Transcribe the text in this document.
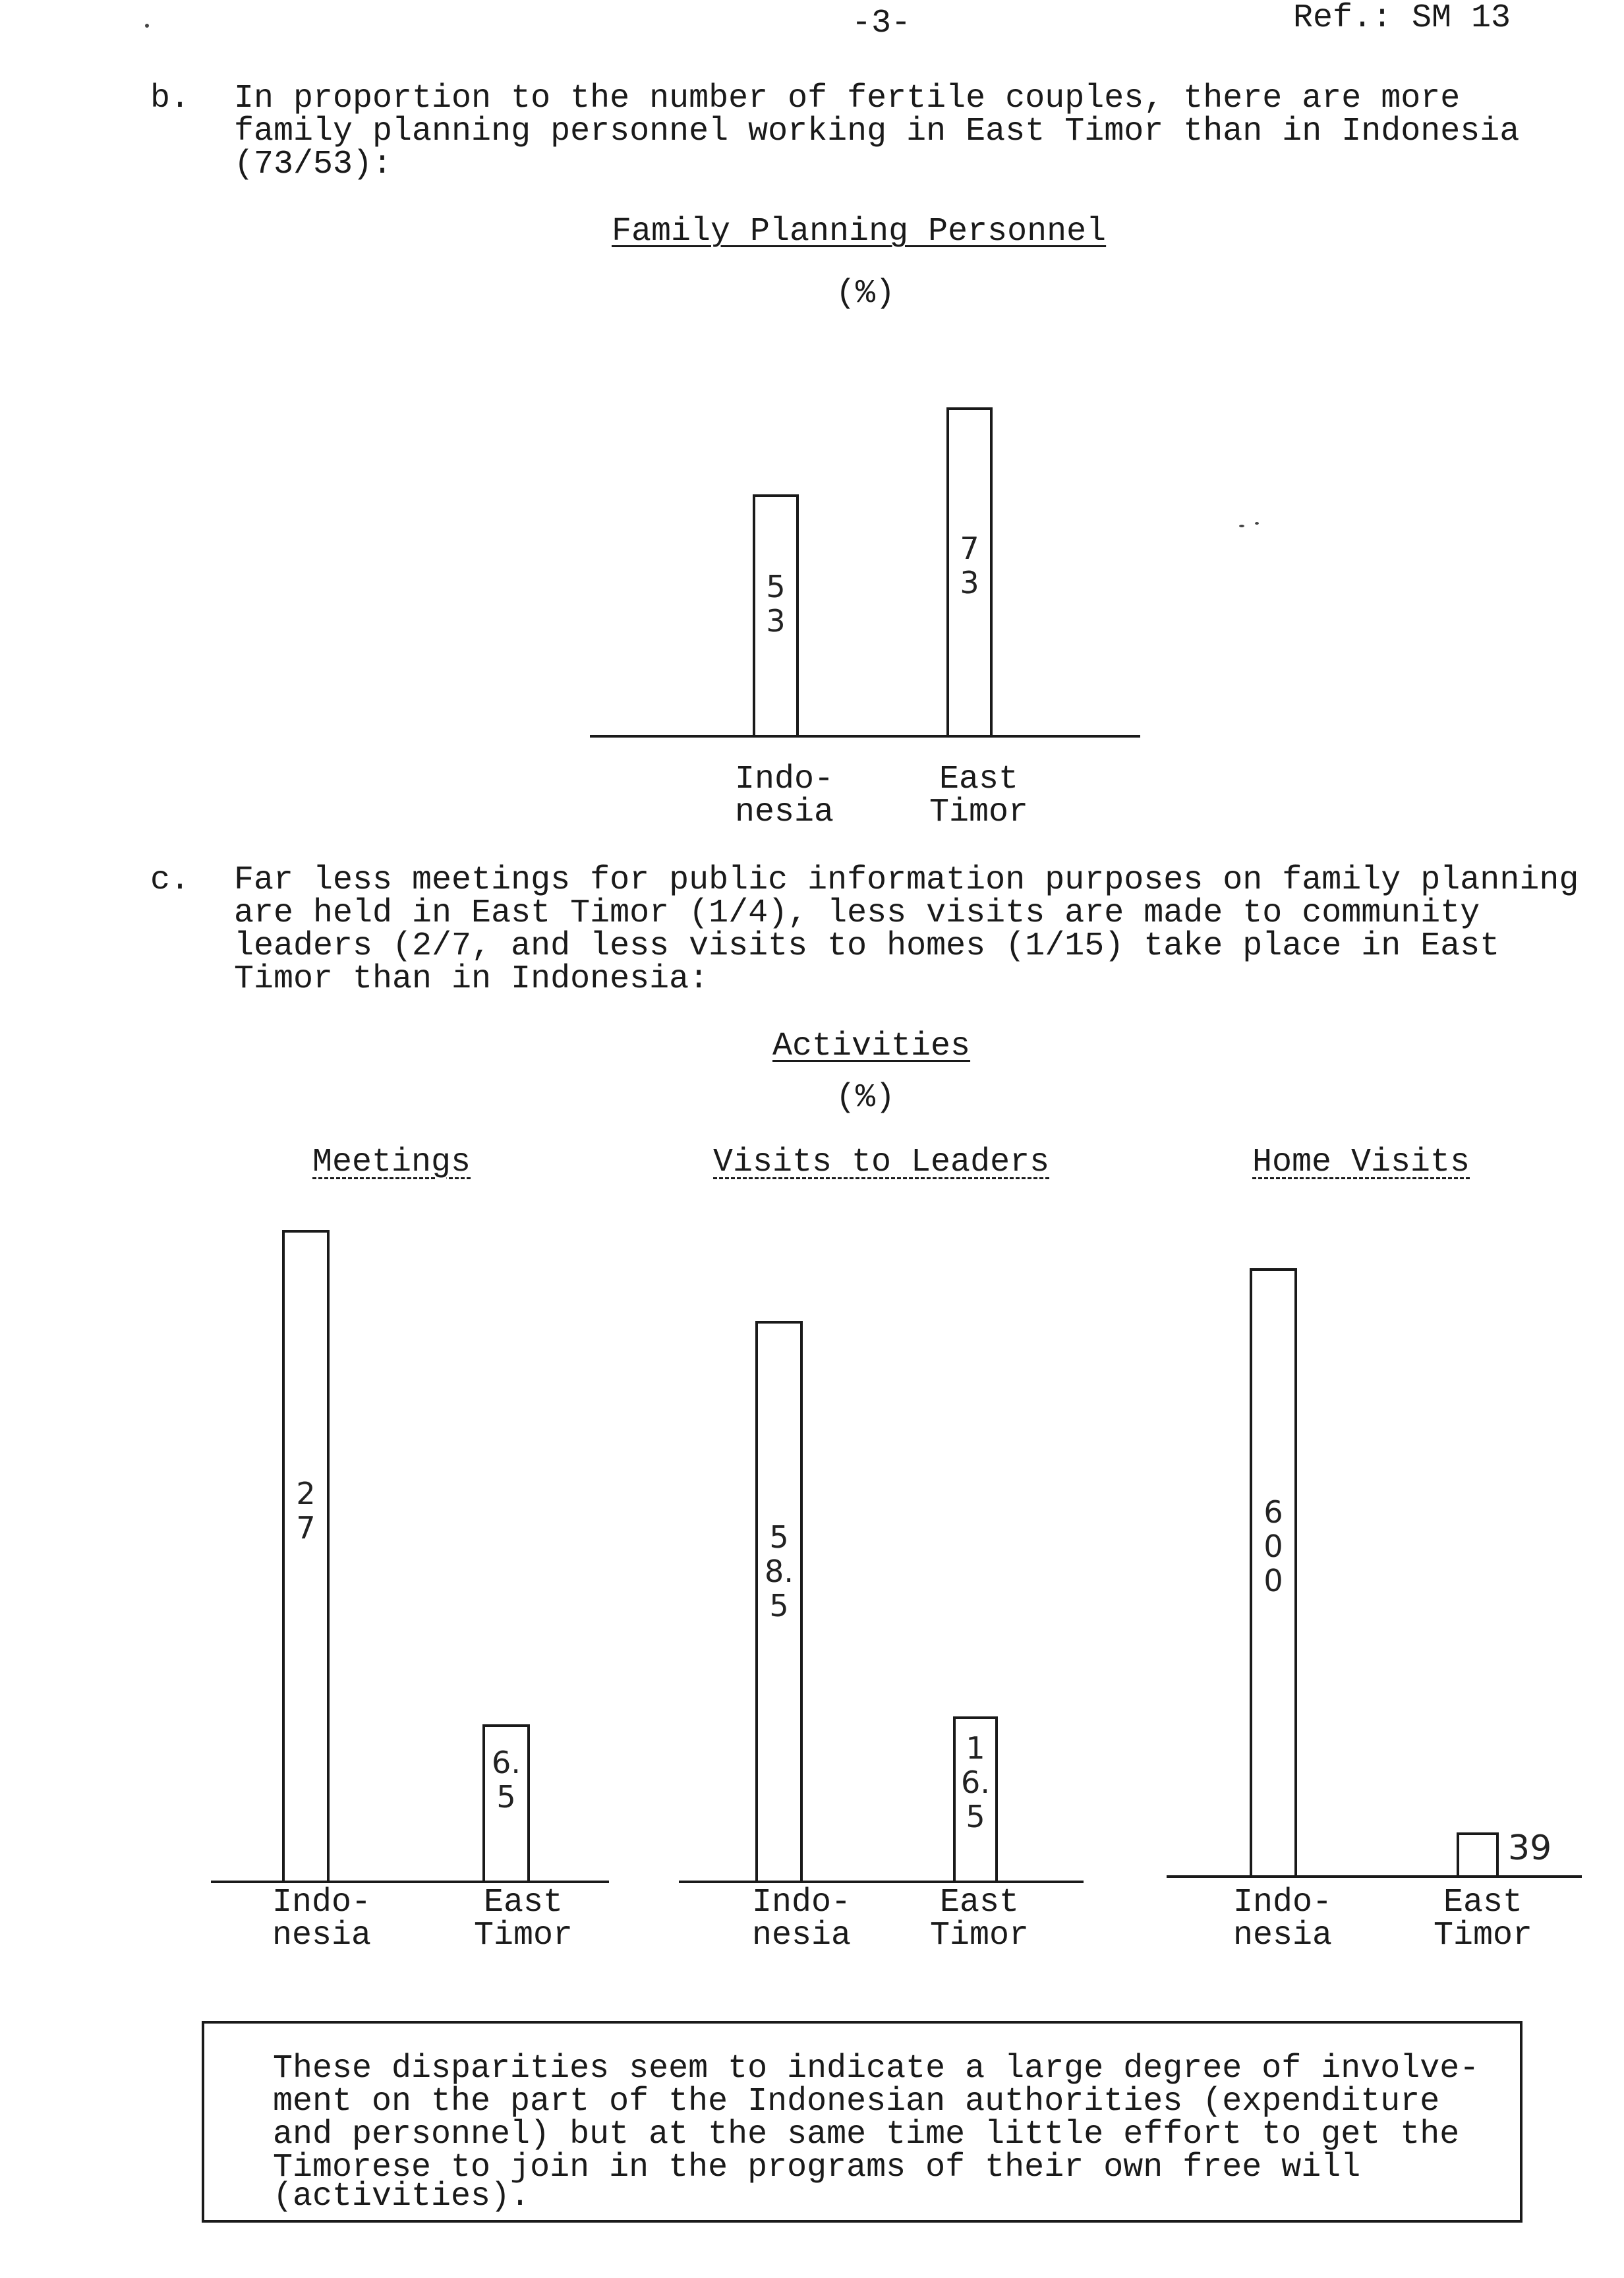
-3-	Ref.: SM 13
b. In proportion to the number of fertile couples, there are more
family planning personnel working in East Timor than in Indonesia
(73/53):
Family Planning Personnel
(%)
5 3
7 3
Indo-
nesia
East
Timor
c. Far less meetings for public information purposes on family planning
are held in East Timor (1/4), less visits are made to community
leaders (2/7, and less visits to homes (1/15) take place in East
Timor than in Indonesia:
Activities
(%)
Meetings
2 7
6. 5
Indo-
nesia
East
Timor
Visits to Leaders
5 8. 5
1 6. 5
Indo-
nesia
East
Timor
Home Visits
6 0 0
39
Indo-
nesia
East
Timor
These disparities seem to indicate a large degree of involve-
ment on the part of the Indonesian authorities (expenditure
and personnel) but at the same time little effort to get the
Timorese to join in the programs of their own free will
(activities).
